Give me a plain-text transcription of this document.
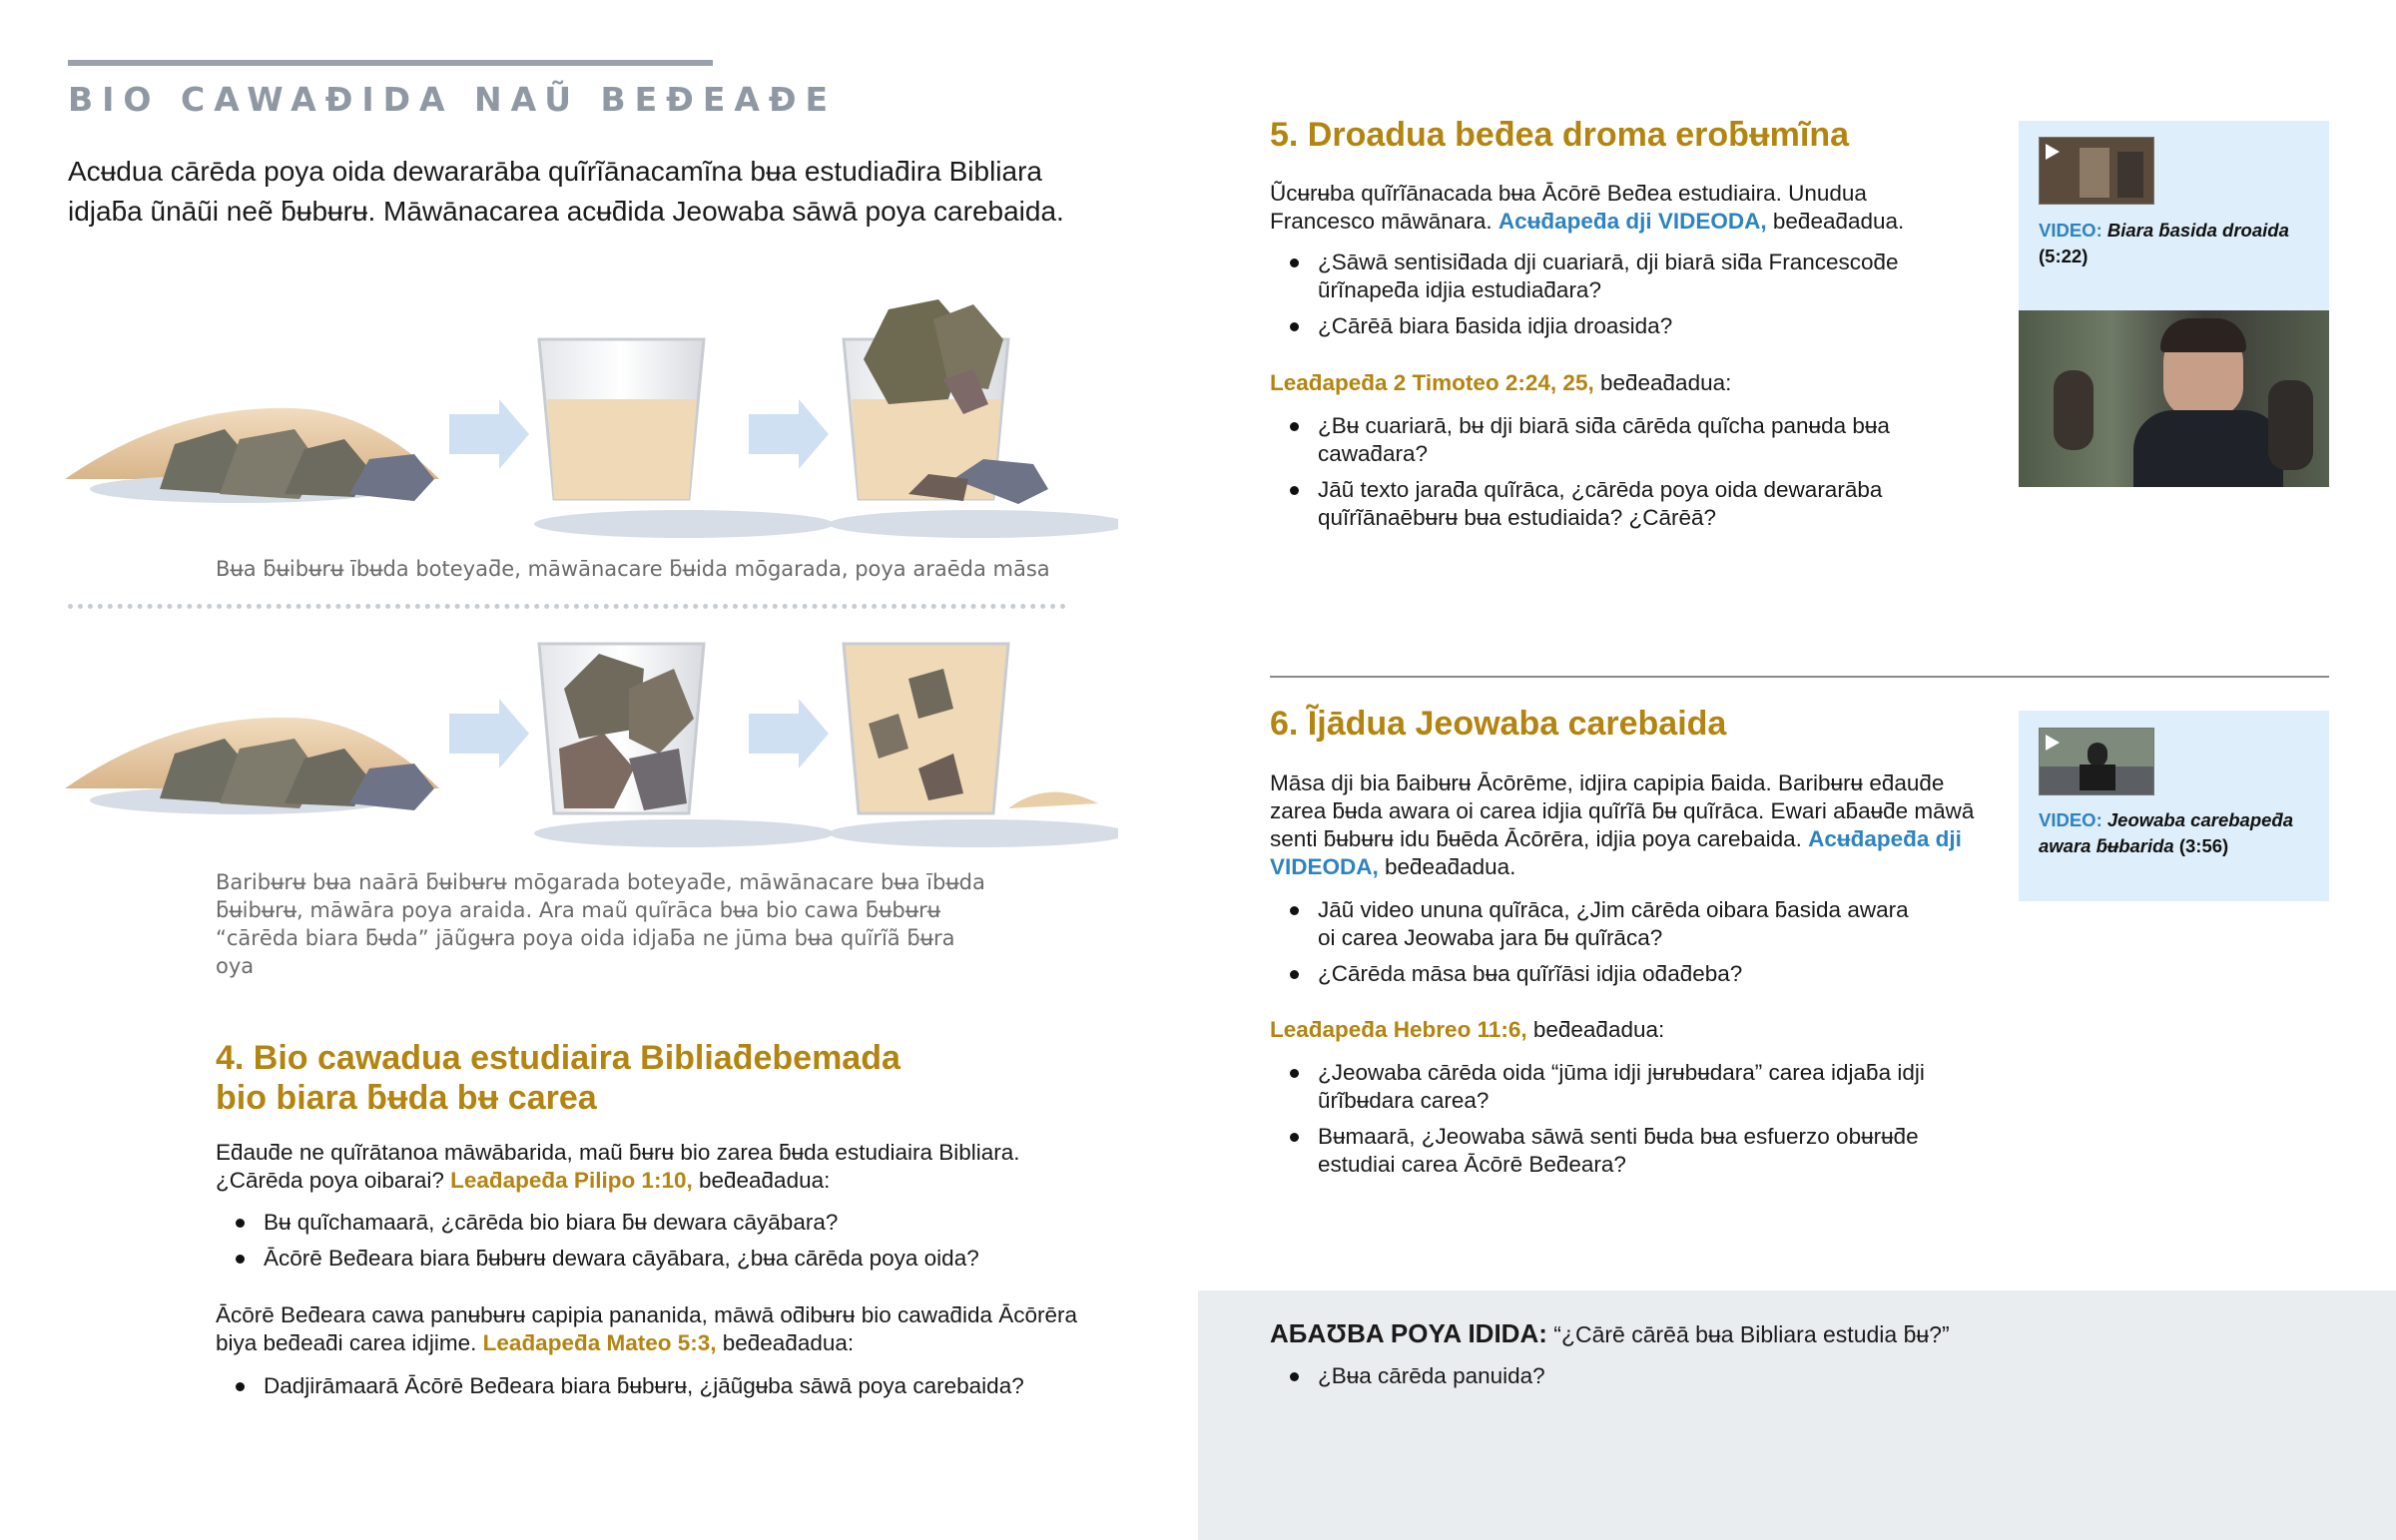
BIO CAWAƉIDA NAŨ BEƉEAƉE
Acʉdua cārēda poya oida dewararāba quĩrĩānacamĩna bʉa estudiaƌira Bibliara idjaƃa ũnāũi neẽ ƃʉbʉrʉ. Māwānacarea acʉƌida Jeowaba sāwā poya carebaida.
Bʉa ƃʉibʉrʉ ībʉda boteyaƌe, māwānacare ƃʉida mōgarada, poya araēda māsa
Baribʉrʉ bʉa naārā ƃʉibʉrʉ mōgarada boteyaƌe, māwānacare bʉa ībʉda ƃʉibʉrʉ, māwāra poya araida. Ara maũ quĩrāca bʉa bio cawa ƃʉbʉrʉ “cārēda biara ƃʉda” jāũgʉra poya oida idjaƃa ne jūma bʉa quĩrĩã ƃʉra oya
4. Bio cawadua estudiaira Bibliaƌebemada
bio biara ƃʉda bʉ carea
Eƌauƌe ne quĩrātanoa māwābarida, maũ ƃʉrʉ bio zarea ƃʉda estudiaira Bibliara. ¿Cārēda poya oibarai? Leaƌapeƌa Pilipo 1:10, beƌeaƌadua:
Bʉ quĩchamaarā, ¿cārēda bio biara ƃʉ dewara cāyābara?
Ācōrē Beƌeara biara ƃʉbʉrʉ dewara cāyābara, ¿bʉa cārēda poya oida?
Ācōrē Beƌeara cawa panʉbʉrʉ capipia pananida, māwā oƌibʉrʉ bio cawaƌida Ācōrēra biya beƌeaƌi carea idjime. Leaƌapeƌa Mateo 5:3, beƌeaƌadua:
Dadjirāmaarā Ācōrē Beƌeara biara ƃʉbʉrʉ, ¿jāũgʉba sāwā poya carebaida?
5. Droadua beƌea droma eroƃʉmĩna
Ũcʉrʉba quĩrĩānacada bʉa Ācōrē Beƌea estudiaira. Unudua Francesco māwānara. Acʉƌapeƌa dji VIDEODA, beƌeaƌadua.
¿Sāwā sentisiƌada dji cuariarā, dji biarā siƌa Francescoƌe ũrĩnapeƌa idjia estudiaƌara?
¿Cārēā biara ƃasida idjia droasida?
Leaƌapeƌa 2 Timoteo 2:24, 25, beƌeaƌadua:
¿Bʉ cuariarā, bʉ dji biarā siƌa cārēda quĩcha panʉda bʉa cawaƌara?
Jāũ texto jaraƌa quĩrāca, ¿cārēda poya oida dewararāba quĩrĩānaēbʉrʉ bʉa estudiaida? ¿Cārēā?
VIDEO: Biara ƃasida droaida
(5:22)
6. Ĩjādua Jeowaba carebaida
Māsa dji bia ƃaibʉrʉ Ācōrēme, idjira capipia ƃaida. Baribʉrʉ eƌauƌe zarea ƃʉda awara oi carea idjia quĩrĩā ƃʉ quĩrāca. Ewari aƃaʉƌe māwā senti ƃʉbʉrʉ idu ƃʉēda Ācōrēra, idjia poya carebaida. Acʉƌapeƌa dji VIDEODA, beƌeaƌadua.
Jāũ video ununa quĩrāca, ¿Jim cārēda oibara ƃasida awara oi carea Jeowaba jara ƃʉ quĩrāca?
¿Cārēda māsa bʉa quĩrĩāsi idjia oƌaƌeba?
Leaƌapeƌa Hebreo 11:6, beƌeaƌadua:
¿Jeowaba cārēda oida “jūma idji jʉrʉbʉdara” carea idjaƃa idji ũrĩbʉdara carea?
Bʉmaarā, ¿Jeowaba sāwā senti ƃʉda bʉa esfuerzo obʉrʉƌe estudiai carea Ācōrē Beƌeara?
VIDEO: Jeowaba carebapeƌa awara ƃʉbarida (3:56)
AƂAƱBA POYA IDIDA: “¿Cārē cārēā bʉa Bibliara estudia ƃʉ?”
¿Bʉa cārēda panuida?
